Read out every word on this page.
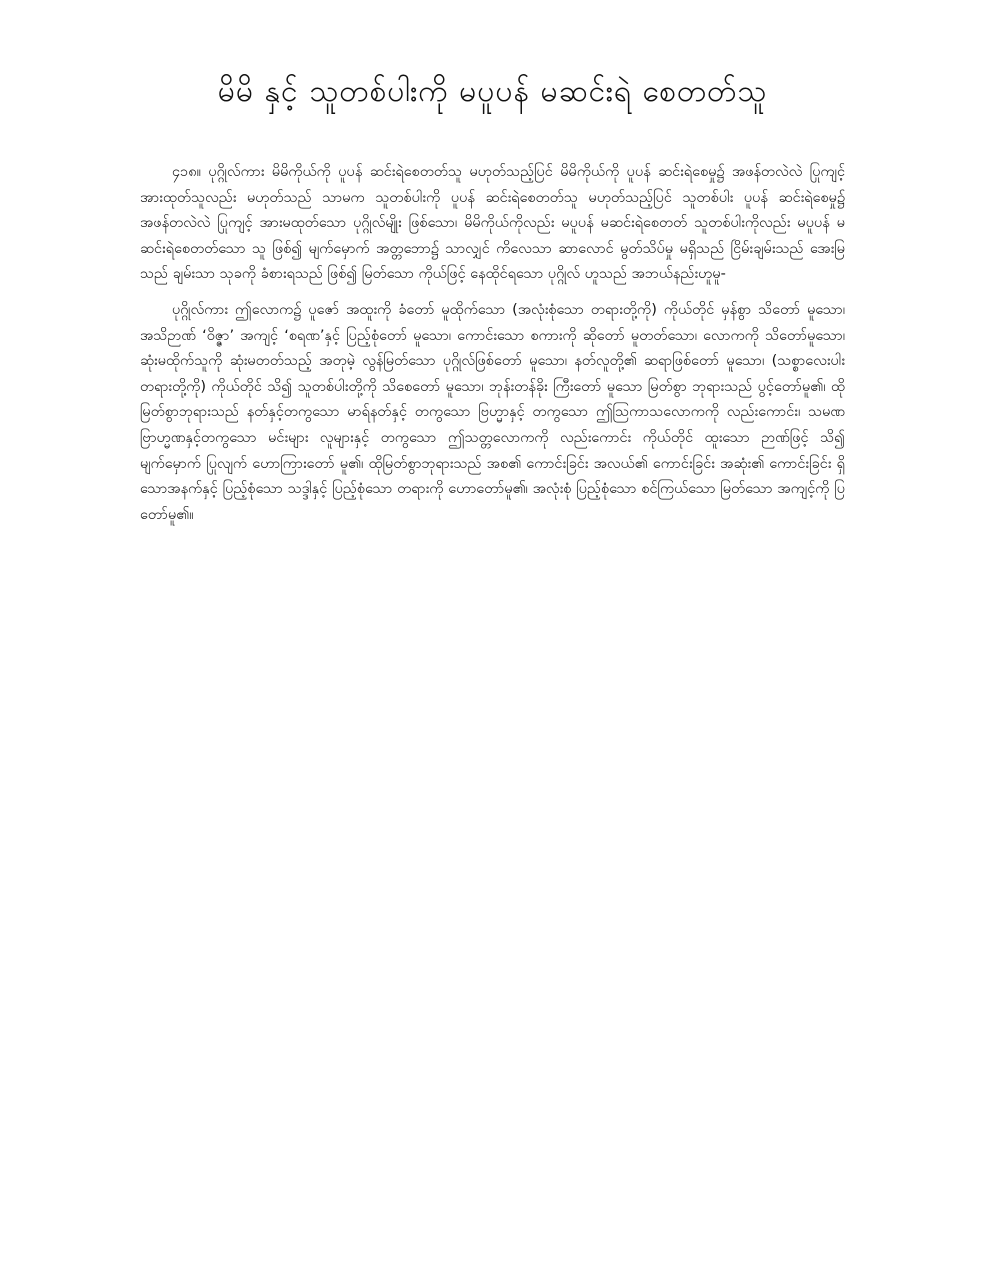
မိမိ နှင့် သူတစ်ပါးကို မပူပန် မဆင်းရဲ စေတတ်သူ

၄၁၈။ ပုဂ္ဂိုလ်ကား မိမိကိုယ်ကို ပူပန် ဆင်းရဲစေတတ်သူ မဟုတ်သည့်ပြင် မိမိကိုယ်ကို ပူပန် ဆင်းရဲစေမှု၌ အဖန်တလဲလဲ ပြုကျင့် အားထုတ်သူလည်း မဟုတ်သည် သာမက သူတစ်ပါးကို ပူပန် ဆင်းရဲစေတတ်သူ မဟုတ်သည့်ပြင် သူတစ်ပါး ပူပန် ဆင်းရဲစေမှု၌ အဖန်တလဲလဲ ပြုကျင့် အားမထုတ်သော ပုဂ္ဂိုလ်မျိုး ဖြစ်သော၊ မိမိကိုယ်ကိုလည်း မပူပန် မဆင်းရဲစေတတ် သူတစ်ပါးကိုလည်း မပူပန် မဆင်းရဲစေတတ်သော သူ ဖြစ်၍ မျက်မှောက် အတ္တဘော၌ သာလျှင် ကိလေသာ ဆာလောင် မွတ်သိပ်မှု မရှိသည် ငြိမ်းချမ်းသည် အေးမြသည် ချမ်းသာ သုခကို ခံစားရသည် ဖြစ်၍ မြတ်သော ကိုယ်ဖြင့် နေထိုင်ရသော ပုဂ္ဂိုလ် ဟူသည် အဘယ်နည်းဟူမူ-

ပုဂ္ဂိုလ်ကား ဤလောက၌ ပူဇော် အထူးကို ခံတော် မူထိုက်သော (အလုံးစုံသော တရားတို့ကို) ကိုယ်တိုင် မှန်စွာ သိတော် မူသော၊ အသိဉာဏ် ‘ဝိဇ္ဇာ’ အကျင့် ‘စရဏ’နှင့် ပြည့်စုံတော် မူသော၊ ကောင်းသော စကားကို ဆိုတော် မူတတ်သော၊ လောကကို သိတော်မူသော၊ ဆုံးမထိုက်သူကို ဆုံးမတတ်သည့် အတုမဲ့ လွန်မြတ်သော ပုဂ္ဂိုလ်ဖြစ်တော် မူသော၊ နတ်လူတို့၏ ဆရာဖြစ်တော် မူသော၊ (သစ္စာလေးပါး တရားတို့ကို) ကိုယ်တိုင် သိ၍ သူတစ်ပါးတို့ကို သိစေတော် မူသော၊ ဘုန်းတန်ခိုး ကြီးတော် မူသော မြတ်စွာ ဘုရားသည် ပွင့်တော်မူ၏၊ ထိုမြတ်စွာဘုရားသည် နတ်နှင့်တကွသော မာရ်နတ်နှင့် တကွသော ဗြဟ္မာနှင့် တကွသော ဤသြကာသလောကကို လည်းကောင်း၊ သမဏဗြာဟ္မဏနှင့်တကွသော မင်းများ လူများနှင့် တကွသော ဤသတ္တလောကကို လည်းကောင်း ကိုယ်တိုင် ထူးသော ဉာဏ်ဖြင့် သိ၍ မျက်မှောက် ပြုလျက် ဟောကြားတော် မူ၏၊ ထိုမြတ်စွာဘုရားသည် အစ၏ ကောင်းခြင်း အလယ်၏ ကောင်းခြင်း အဆုံး၏ ကောင်းခြင်း ရှိသောအနက်နှင့် ပြည့်စုံသော သဒ္ဒါနှင့် ပြည့်စုံသော တရားကို ဟောတော်မူ၏၊ အလုံးစုံ ပြည့်စုံသော စင်ကြယ်သော မြတ်သော အကျင့်ကို ပြတော်မူ၏။
